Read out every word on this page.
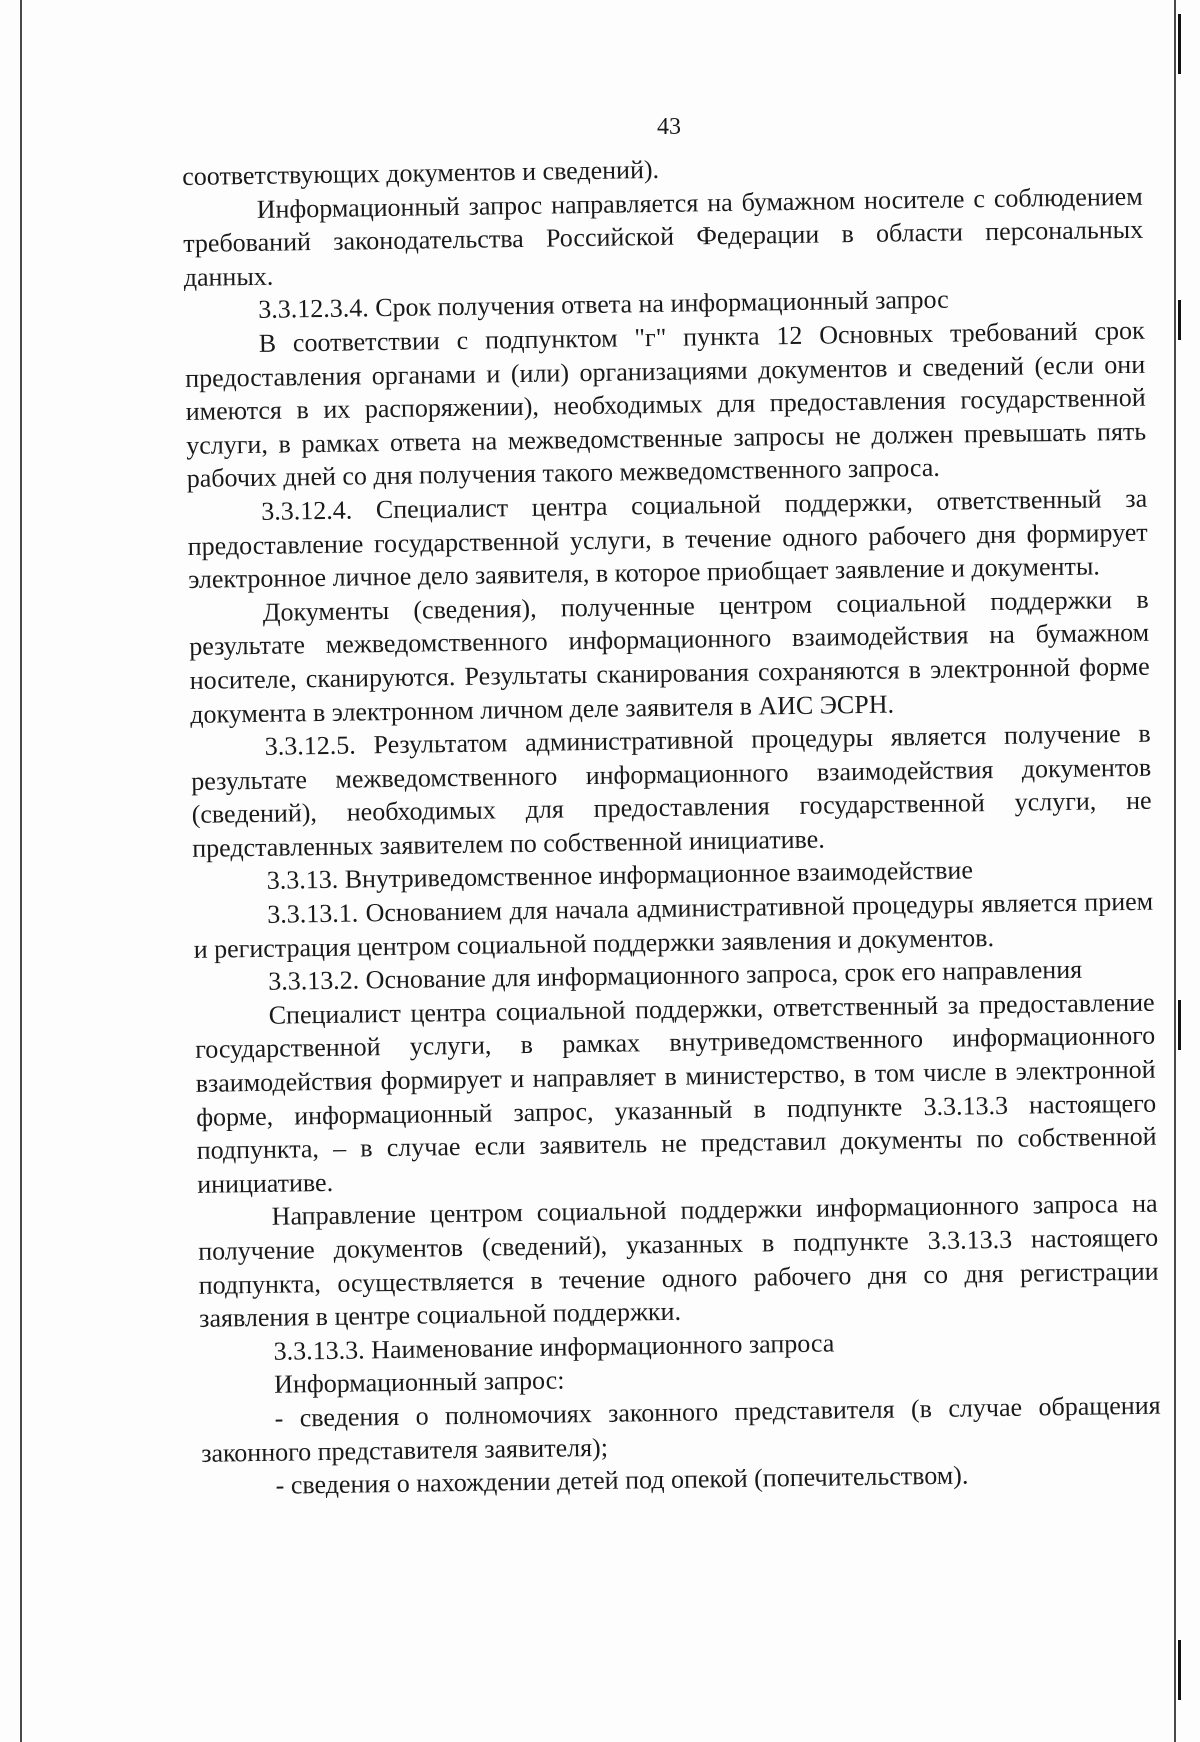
43

соответствующих документов и сведений).

Информационный запрос направляется на бумажном носителе с соблюдением требований законодательства Российской Федерации в области персональных данных.

3.3.12.3.4. Срок получения ответа на информационный запрос

В соответствии с подпунктом "г" пункта 12 Основных требований срок предоставления органами и (или) организациями документов и сведений (если они имеются в их распоряжении), необходимых для предоставления государственной услуги, в рамках ответа на межведомственные запросы не должен превышать пять рабочих дней со дня получения такого межведомственного запроса.

3.3.12.4. Специалист центра социальной поддержки, ответственный за предоставление государственной услуги, в течение одного рабочего дня формирует электронное личное дело заявителя, в которое приобщает заявление и документы.

Документы (сведения), полученные центром социальной поддержки в результате межведомственного информационного взаимодействия на бумажном носителе, сканируются. Результаты сканирования сохраняются в электронной форме документа в электронном личном деле заявителя в АИС ЭСРН.

3.3.12.5. Результатом административной процедуры является получение в результате межведомственного информационного взаимодействия документов (сведений), необходимых для предоставления государственной услуги, не представленных заявителем по собственной инициативе.

3.3.13. Внутриведомственное информационное взаимодействие

3.3.13.1. Основанием для начала административной процедуры является прием и регистрация центром социальной поддержки заявления и документов.

3.3.13.2. Основание для информационного запроса, срок его направления

Специалист центра социальной поддержки, ответственный за предоставление государственной услуги, в рамках внутриведомственного информационного взаимодействия формирует и направляет в министерство, в том числе в электронной форме, информационный запрос, указанный в подпункте 3.3.13.3 настоящего подпункта, – в случае если заявитель не представил документы по собственной инициативе.

Направление центром социальной поддержки информационного запроса на получение документов (сведений), указанных в подпункте 3.3.13.3 настоящего подпункта, осуществляется в течение одного рабочего дня со дня регистрации заявления в центре социальной поддержки.

3.3.13.3. Наименование информационного запроса

Информационный запрос:

- сведения о полномочиях законного представителя (в случае обращения законного представителя заявителя);

- сведения о нахождении детей под опекой (попечительством).
